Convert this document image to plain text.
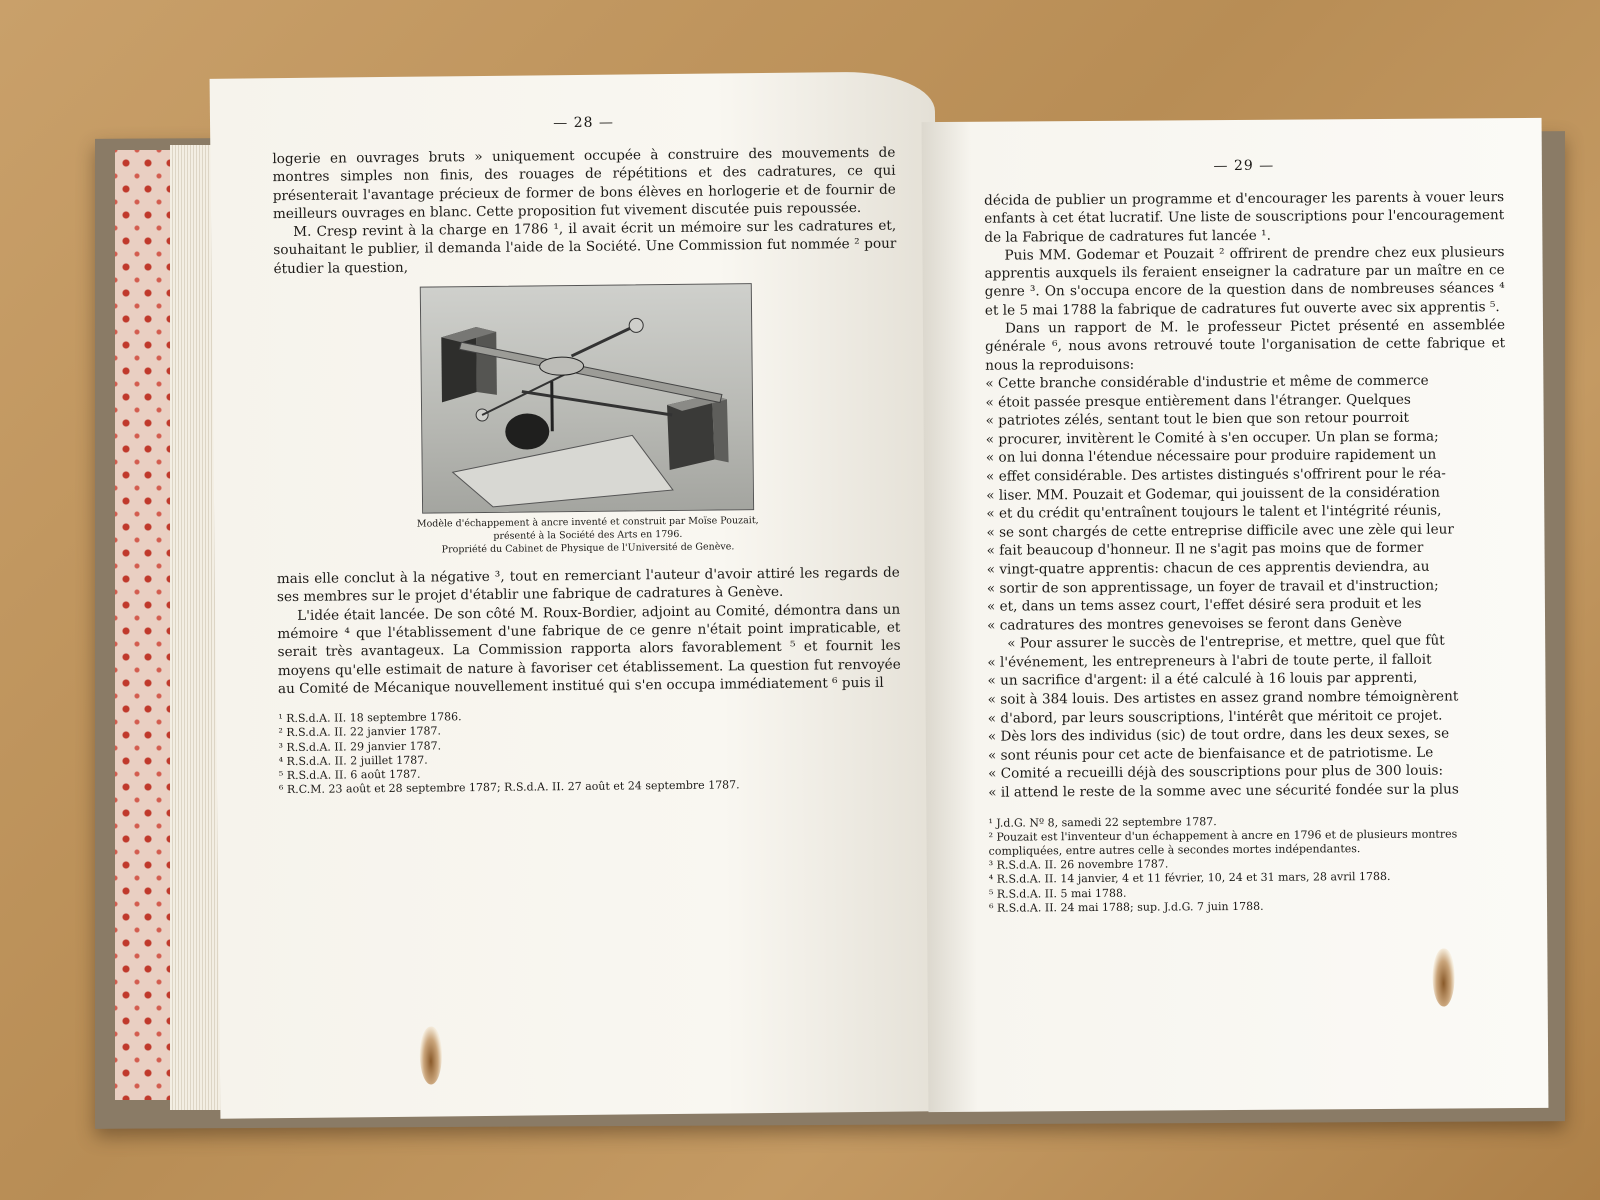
— 28 —

logerie en ouvrages bruts » uniquement occupée à construire des mouvements de montres simples non finis, des rouages de répétitions et des cadratures, ce qui présenterait l'avantage précieux de former de bons élèves en horlogerie et de fournir de meilleurs ouvrages en blanc. Cette proposition fut vivement discutée puis repoussée.

M. Cresp revint à la charge en 1786 ¹, il avait écrit un mémoire sur les cadratures et, souhaitant le publier, il demanda l'aide de la Société. Une Commission fut nommée ² pour étudier la question,

Modèle d'échappement à ancre inventé et construit par Moïse Pouzait,
présenté à la Société des Arts en 1796.
Propriété du Cabinet de Physique de l'Université de Genève.

mais elle conclut à la négative ³, tout en remerciant l'auteur d'avoir attiré les regards de ses membres sur le projet d'établir une fabrique de cadratures à Genève.

L'idée était lancée. De son côté M. Roux-Bordier, adjoint au Comité, démontra dans un mémoire ⁴ que l'établissement d'une fabrique de ce genre n'était point impraticable, et serait très avantageux. La Commission rapporta alors favorablement ⁵ et fournit les moyens qu'elle estimait de nature à favoriser cet établissement. La question fut renvoyée au Comité de Mécanique nouvellement institué qui s'en occupa immédiatement ⁶ puis il

¹ R.S.d.A. II. 18 septembre 1786.

² R.S.d.A. II. 22 janvier 1787.

³ R.S.d.A. II. 29 janvier 1787.

⁴ R.S.d.A. II. 2 juillet 1787.

⁵ R.S.d.A. II. 6 août 1787.

⁶ R.C.M. 23 août et 28 septembre 1787; R.S.d.A. II. 27 août et 24 septembre 1787.

— 29 —

décida de publier un programme et d'encourager les parents à vouer leurs enfants à cet état lucratif. Une liste de souscriptions pour l'encouragement de la Fabrique de cadratures fut lancée ¹.

Puis MM. Godemar et Pouzait ² offrirent de prendre chez eux plusieurs apprentis auxquels ils feraient enseigner la cadrature par un maître en ce genre ³. On s'occupa encore de la question dans de nombreuses séances ⁴ et le 5 mai 1788 la fabrique de cadratures fut ouverte avec six apprentis ⁵.

Dans un rapport de M. le professeur Pictet présenté en assemblée générale ⁶, nous avons retrouvé toute l'organisation de cette fabrique et nous la reproduisons:

« Cette branche considérable d'industrie et même de commerce

« étoit passée presque entièrement dans l'étranger. Quelques

« patriotes zélés, sentant tout le bien que son retour pourroit

« procurer, invitèrent le Comité à s'en occuper. Un plan se forma;

« on lui donna l'étendue nécessaire pour produire rapidement un

« effet considérable. Des artistes distingués s'offrirent pour le réa-

« liser. MM. Pouzait et Godemar, qui jouissent de la considération

« et du crédit qu'entraînent toujours le talent et l'intégrité réunis,

« se sont chargés de cette entreprise difficile avec une zèle qui leur

« fait beaucoup d'honneur. Il ne s'agit pas moins que de former

« vingt-quatre apprentis: chacun de ces apprentis deviendra, au

« sortir de son apprentissage, un foyer de travail et d'instruction;

« et, dans un tems assez court, l'effet désiré sera produit et les

« cadratures des montres genevoises se feront dans Genève

« Pour assurer le succès de l'entreprise, et mettre, quel que fût

« l'événement, les entrepreneurs à l'abri de toute perte, il falloit

« un sacrifice d'argent: il a été calculé à 16 louis par apprenti,

« soit à 384 louis. Des artistes en assez grand nombre témoignèrent

« d'abord, par leurs souscriptions, l'intérêt que méritoit ce projet.

« Dès lors des individus (sic) de tout ordre, dans les deux sexes, se

« sont réunis pour cet acte de bienfaisance et de patriotisme. Le

« Comité a recueilli déjà des souscriptions pour plus de 300 louis:

« il attend le reste de la somme avec une sécurité fondée sur la plus

¹ J.d.G. Nº 8, samedi 22 septembre 1787.

² Pouzait est l'inventeur d'un échappement à ancre en 1796 et de plusieurs montres compliquées, entre autres celle à secondes mortes indépendantes.

³ R.S.d.A. II. 26 novembre 1787.

⁴ R.S.d.A. II. 14 janvier, 4 et 11 février, 10, 24 et 31 mars, 28 avril 1788.

⁵ R.S.d.A. II. 5 mai 1788.

⁶ R.S.d.A. II. 24 mai 1788; sup. J.d.G. 7 juin 1788.
